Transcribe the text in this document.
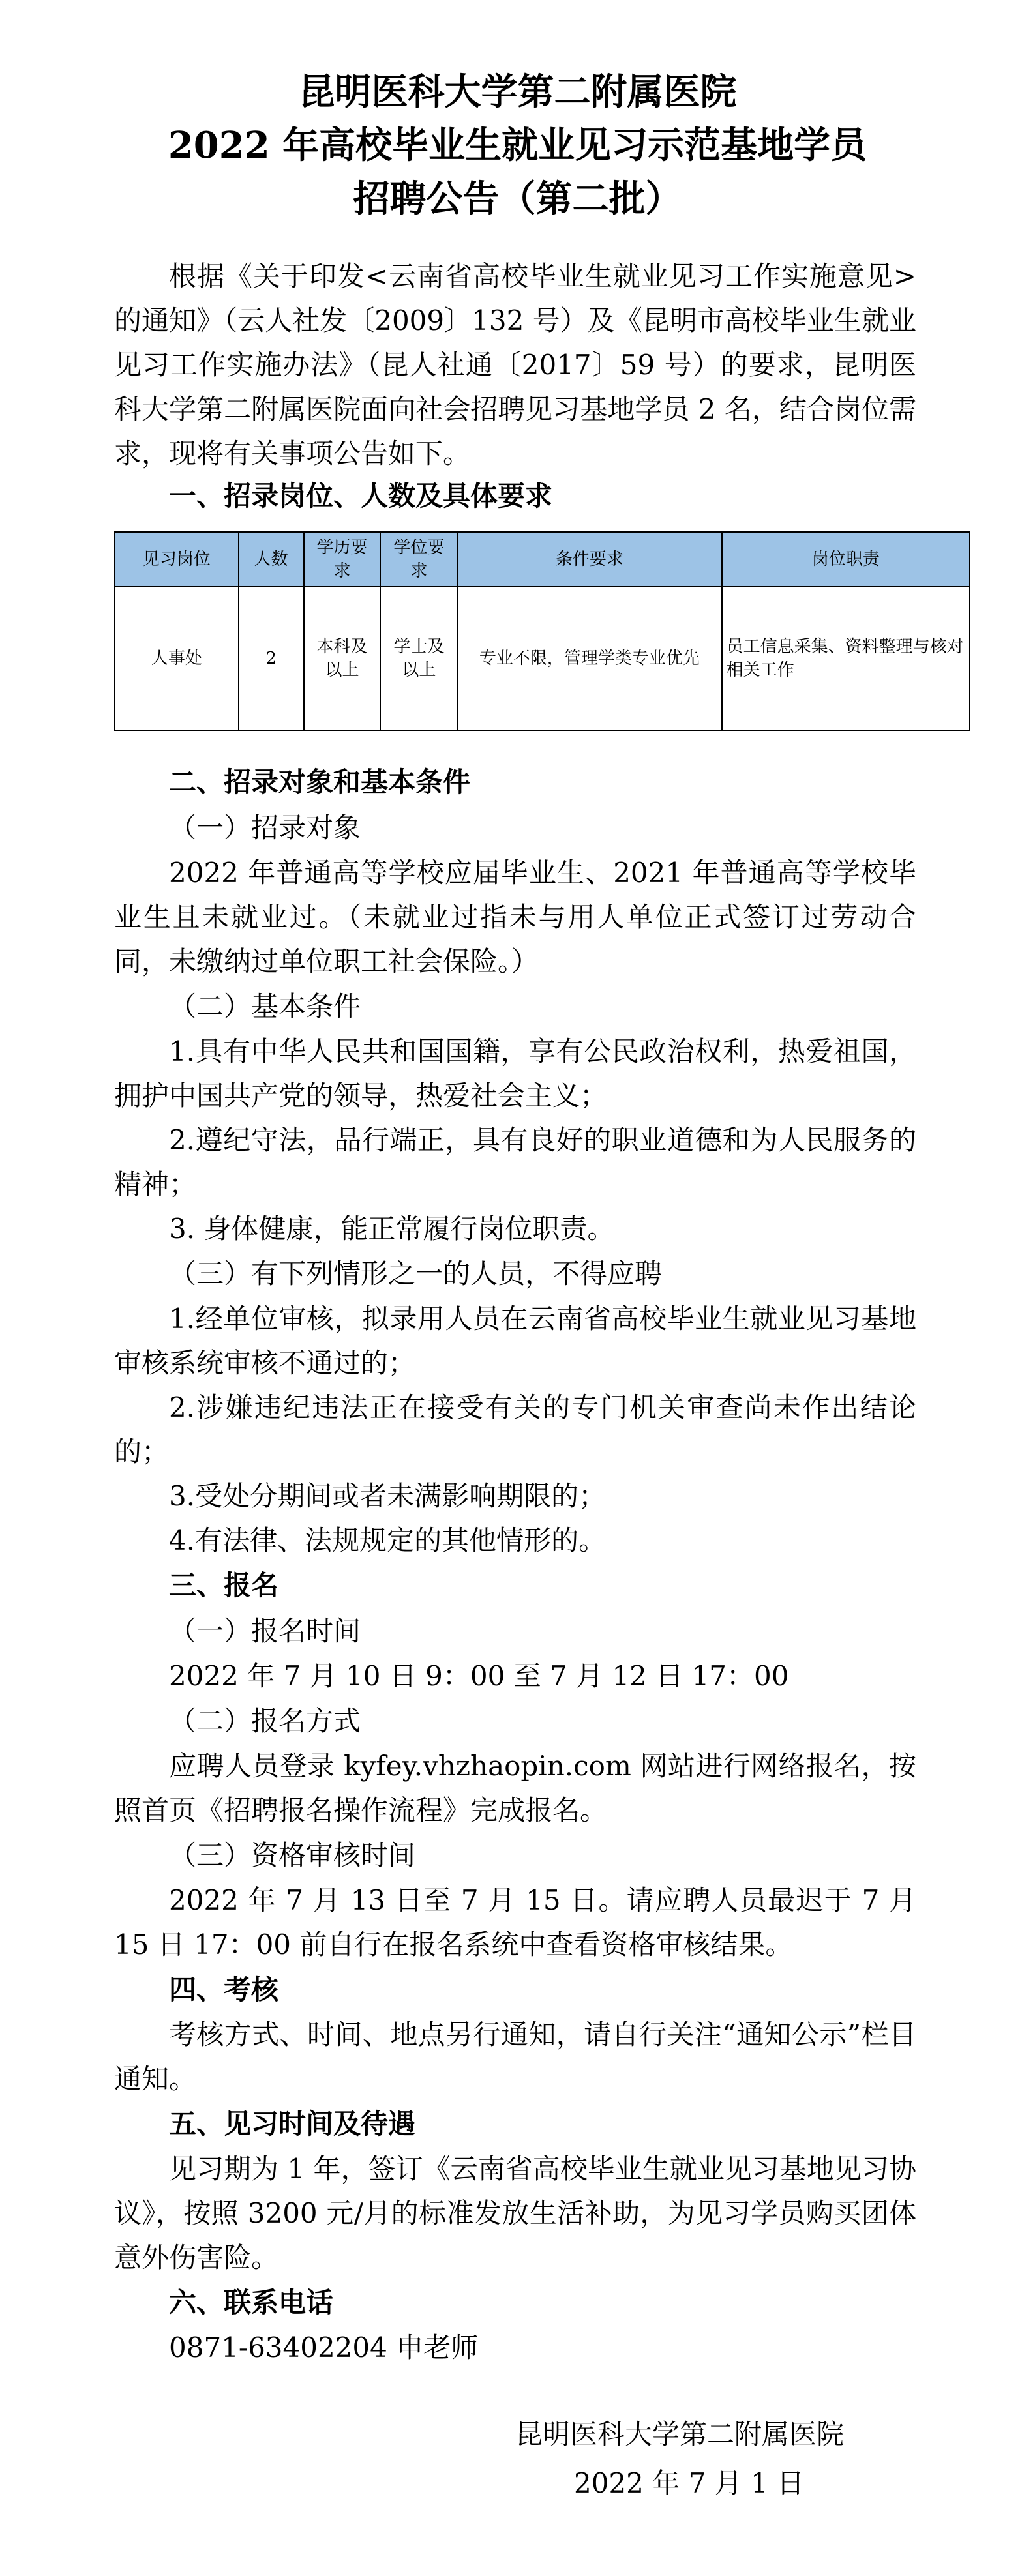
昆明医科大学第二附属医院
2022 年高校毕业生就业见习示范基地学员
招聘公告（第二批）

根据《关于印发<云南省高校毕业生就业见习工作实施意见>的通知》（云人社发〔2009〕132 号）及《昆明市高校毕业生就业见习工作实施办法》（昆人社通〔2017〕59 号）的要求，昆明医科大学第二附属医院面向社会招聘见习基地学员 2 名，结合岗位需求，现将有关事项公告如下。

一、招录岗位、人数及具体要求
见习岗位	人数	学历要求	学位要求	条件要求	岗位职责
人事处	2	本科及以上	学士及以上	专业不限，管理学类专业优先	员工信息采集、资料整理与核对相关工作
二、招录对象和基本条件
（一）招录对象

2022 年普通高等学校应届毕业生、2021 年普通高等学校毕业生且未就业过。（未就业过指未与用人单位正式签订过劳动合同，未缴纳过单位职工社会保险。）

（二）基本条件

1.具有中华人民共和国国籍，享有公民政治权利，热爱祖国，拥护中国共产党的领导，热爱社会主义；

2.遵纪守法，品行端正，具有良好的职业道德和为人民服务的精神；

3. 身体健康，能正常履行岗位职责。

（三）有下列情形之一的人员，不得应聘

1.经单位审核，拟录用人员在云南省高校毕业生就业见习基地审核系统审核不通过的；

2.涉嫌违纪违法正在接受有关的专门机关审查尚未作出结论的；

3.受处分期间或者未满影响期限的；

4.有法律、法规规定的其他情形的。

三、报名
（一）报名时间

2022 年 7 月 10 日 9：00 至 7 月 12 日 17：00

（二）报名方式

应聘人员登录 kyfey.vhzhaopin.com 网站进行网络报名，按照首页《招聘报名操作流程》完成报名。

（三）资格审核时间

2022 年 7 月 13 日至 7 月 15 日。请应聘人员最迟于 7 月 15 日 17：00 前自行在报名系统中查看资格审核结果。

四、考核

考核方式、时间、地点另行通知，请自行关注“通知公示”栏目通知。

五、见习时间及待遇

见习期为 1 年，签订《云南省高校毕业生就业见习基地见习协议》，按照 3200 元/月的标准发放生活补助，为见习学员购买团体意外伤害险。

六、联系电话

0871-63402204 申老师

昆明医科大学第二附属医院
2022 年 7 月 1 日
